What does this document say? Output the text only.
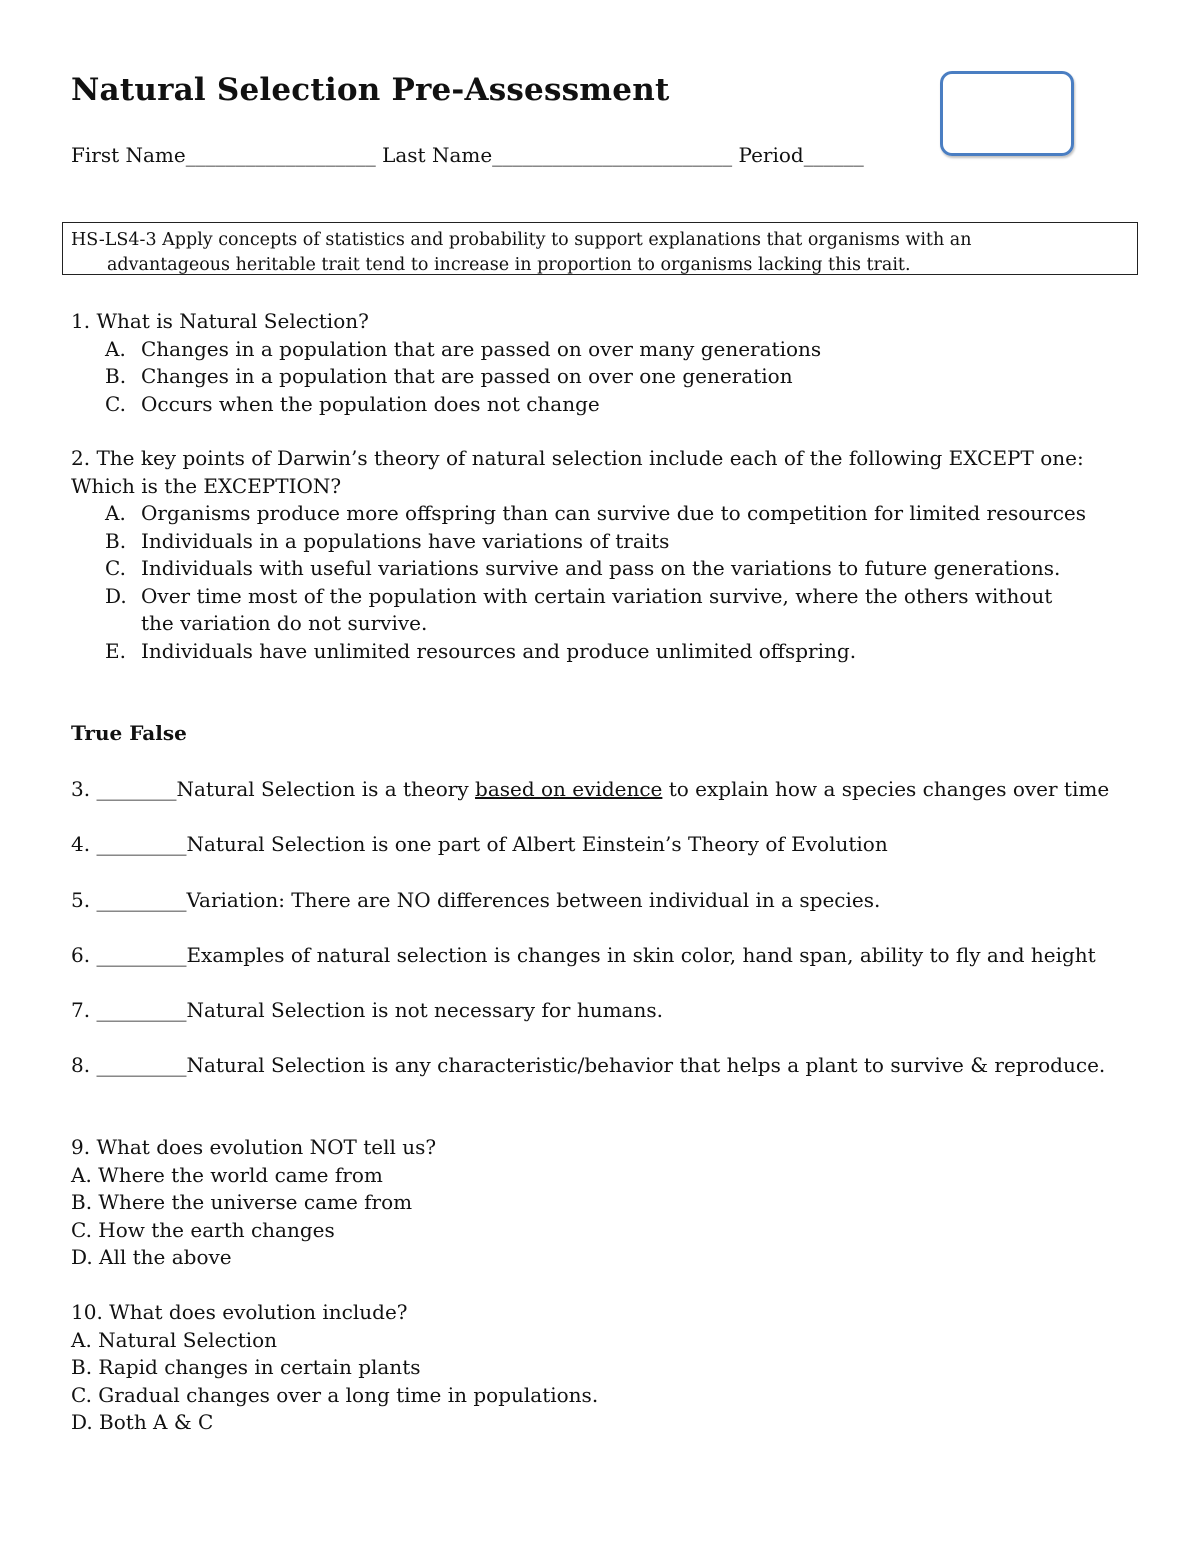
Natural Selection Pre-Assessment
First Name___________________ Last Name________________________ Period______
HS-LS4-3 Apply concepts of statistics and probability to support explanations that organisms with an
advantageous heritable trait tend to increase in proportion to organisms lacking this trait.
1. What is Natural Selection?
A. Changes in a population that are passed on over many generations
B. Changes in a population that are passed on over one generation
C. Occurs when the population does not change
2. The key points of Darwin’s theory of natural selection include each of the following EXCEPT one:
Which is the EXCEPTION?
A. Organisms produce more offspring than can survive due to competition for limited resources
B. Individuals in a populations have variations of traits
C. Individuals with useful variations survive and pass on the variations to future generations.
D. Over time most of the population with certain variation survive, where the others without the variation do not survive.
E. Individuals have unlimited resources and produce unlimited offspring.
True False
3. ________Natural Selection is a theory based on evidence to explain how a species changes over time
4. _________Natural Selection is one part of Albert Einstein’s Theory of Evolution
5. _________Variation: There are NO differences between individual in a species.
6. _________Examples of natural selection is changes in skin color, hand span, ability to fly and height
7. _________Natural Selection is not necessary for humans.
8. _________Natural Selection is any characteristic/behavior that helps a plant to survive & reproduce.
9. What does evolution NOT tell us?
A. Where the world came from
B. Where the universe came from
C. How the earth changes
D. All the above
10. What does evolution include?
A. Natural Selection
B. Rapid changes in certain plants
C. Gradual changes over a long time in populations.
D. Both A & C
